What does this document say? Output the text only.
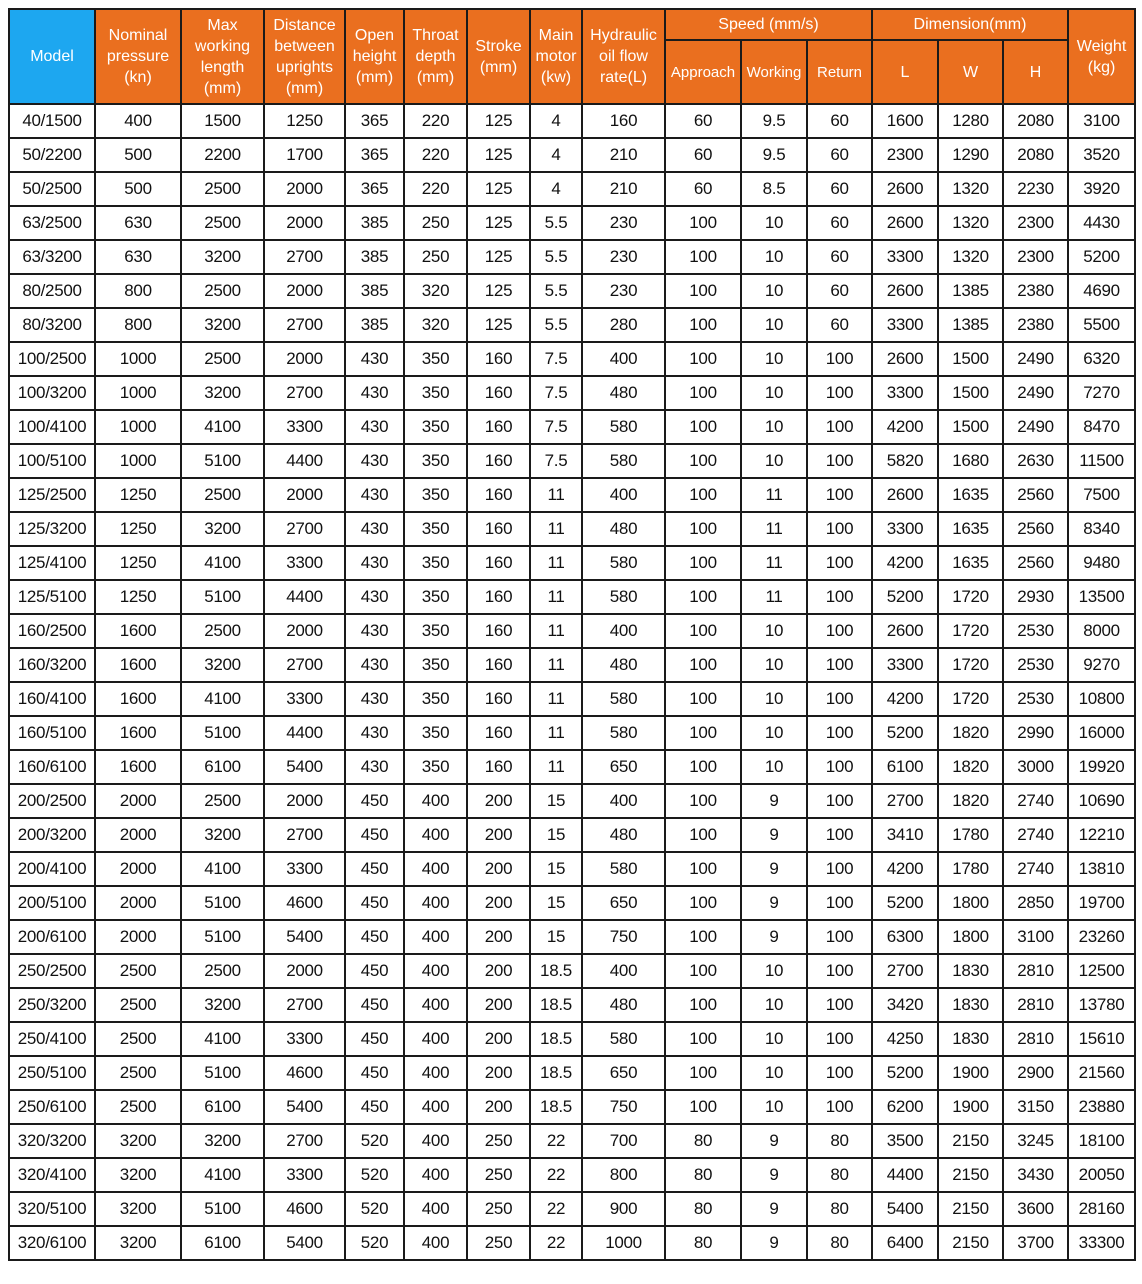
Model	Nominal pressure (kn)	Max working length (mm)	Distance between uprights (mm)	Open height (mm)	Throat depth (mm)	Stroke (mm)	Main motor (kw)	Hydraulic oil flow rate(L)	Speed (mm/s)			Dimension(mm)			Weight (kg)
									Approach	Working	Return	L	W	H	
40/1500	400	1500	1250	365	220	125	4	160	60	9.5	60	1600	1280	2080	3100
50/2200	500	2200	1700	365	220	125	4	210	60	9.5	60	2300	1290	2080	3520
50/2500	500	2500	2000	365	220	125	4	210	60	8.5	60	2600	1320	2230	3920
63/2500	630	2500	2000	385	250	125	5.5	230	100	10	60	2600	1320	2300	4430
63/3200	630	3200	2700	385	250	125	5.5	230	100	10	60	3300	1320	2300	5200
80/2500	800	2500	2000	385	320	125	5.5	230	100	10	60	2600	1385	2380	4690
80/3200	800	3200	2700	385	320	125	5.5	280	100	10	60	3300	1385	2380	5500
100/2500	1000	2500	2000	430	350	160	7.5	400	100	10	100	2600	1500	2490	6320
100/3200	1000	3200	2700	430	350	160	7.5	480	100	10	100	3300	1500	2490	7270
100/4100	1000	4100	3300	430	350	160	7.5	580	100	10	100	4200	1500	2490	8470
100/5100	1000	5100	4400	430	350	160	7.5	580	100	10	100	5820	1680	2630	11500
125/2500	1250	2500	2000	430	350	160	11	400	100	11	100	2600	1635	2560	7500
125/3200	1250	3200	2700	430	350	160	11	480	100	11	100	3300	1635	2560	8340
125/4100	1250	4100	3300	430	350	160	11	580	100	11	100	4200	1635	2560	9480
125/5100	1250	5100	4400	430	350	160	11	580	100	11	100	5200	1720	2930	13500
160/2500	1600	2500	2000	430	350	160	11	400	100	10	100	2600	1720	2530	8000
160/3200	1600	3200	2700	430	350	160	11	480	100	10	100	3300	1720	2530	9270
160/4100	1600	4100	3300	430	350	160	11	580	100	10	100	4200	1720	2530	10800
160/5100	1600	5100	4400	430	350	160	11	580	100	10	100	5200	1820	2990	16000
160/6100	1600	6100	5400	430	350	160	11	650	100	10	100	6100	1820	3000	19920
200/2500	2000	2500	2000	450	400	200	15	400	100	9	100	2700	1820	2740	10690
200/3200	2000	3200	2700	450	400	200	15	480	100	9	100	3410	1780	2740	12210
200/4100	2000	4100	3300	450	400	200	15	580	100	9	100	4200	1780	2740	13810
200/5100	2000	5100	4600	450	400	200	15	650	100	9	100	5200	1800	2850	19700
200/6100	2000	5100	5400	450	400	200	15	750	100	9	100	6300	1800	3100	23260
250/2500	2500	2500	2000	450	400	200	18.5	400	100	10	100	2700	1830	2810	12500
250/3200	2500	3200	2700	450	400	200	18.5	480	100	10	100	3420	1830	2810	13780
250/4100	2500	4100	3300	450	400	200	18.5	580	100	10	100	4250	1830	2810	15610
250/5100	2500	5100	4600	450	400	200	18.5	650	100	10	100	5200	1900	2900	21560
250/6100	2500	6100	5400	450	400	200	18.5	750	100	10	100	6200	1900	3150	23880
320/3200	3200	3200	2700	520	400	250	22	700	80	9	80	3500	2150	3245	18100
320/4100	3200	4100	3300	520	400	250	22	800	80	9	80	4400	2150	3430	20050
320/5100	3200	5100	4600	520	400	250	22	900	80	9	80	5400	2150	3600	28160
320/6100	3200	6100	5400	520	400	250	22	1000	80	9	80	6400	2150	3700	33300
